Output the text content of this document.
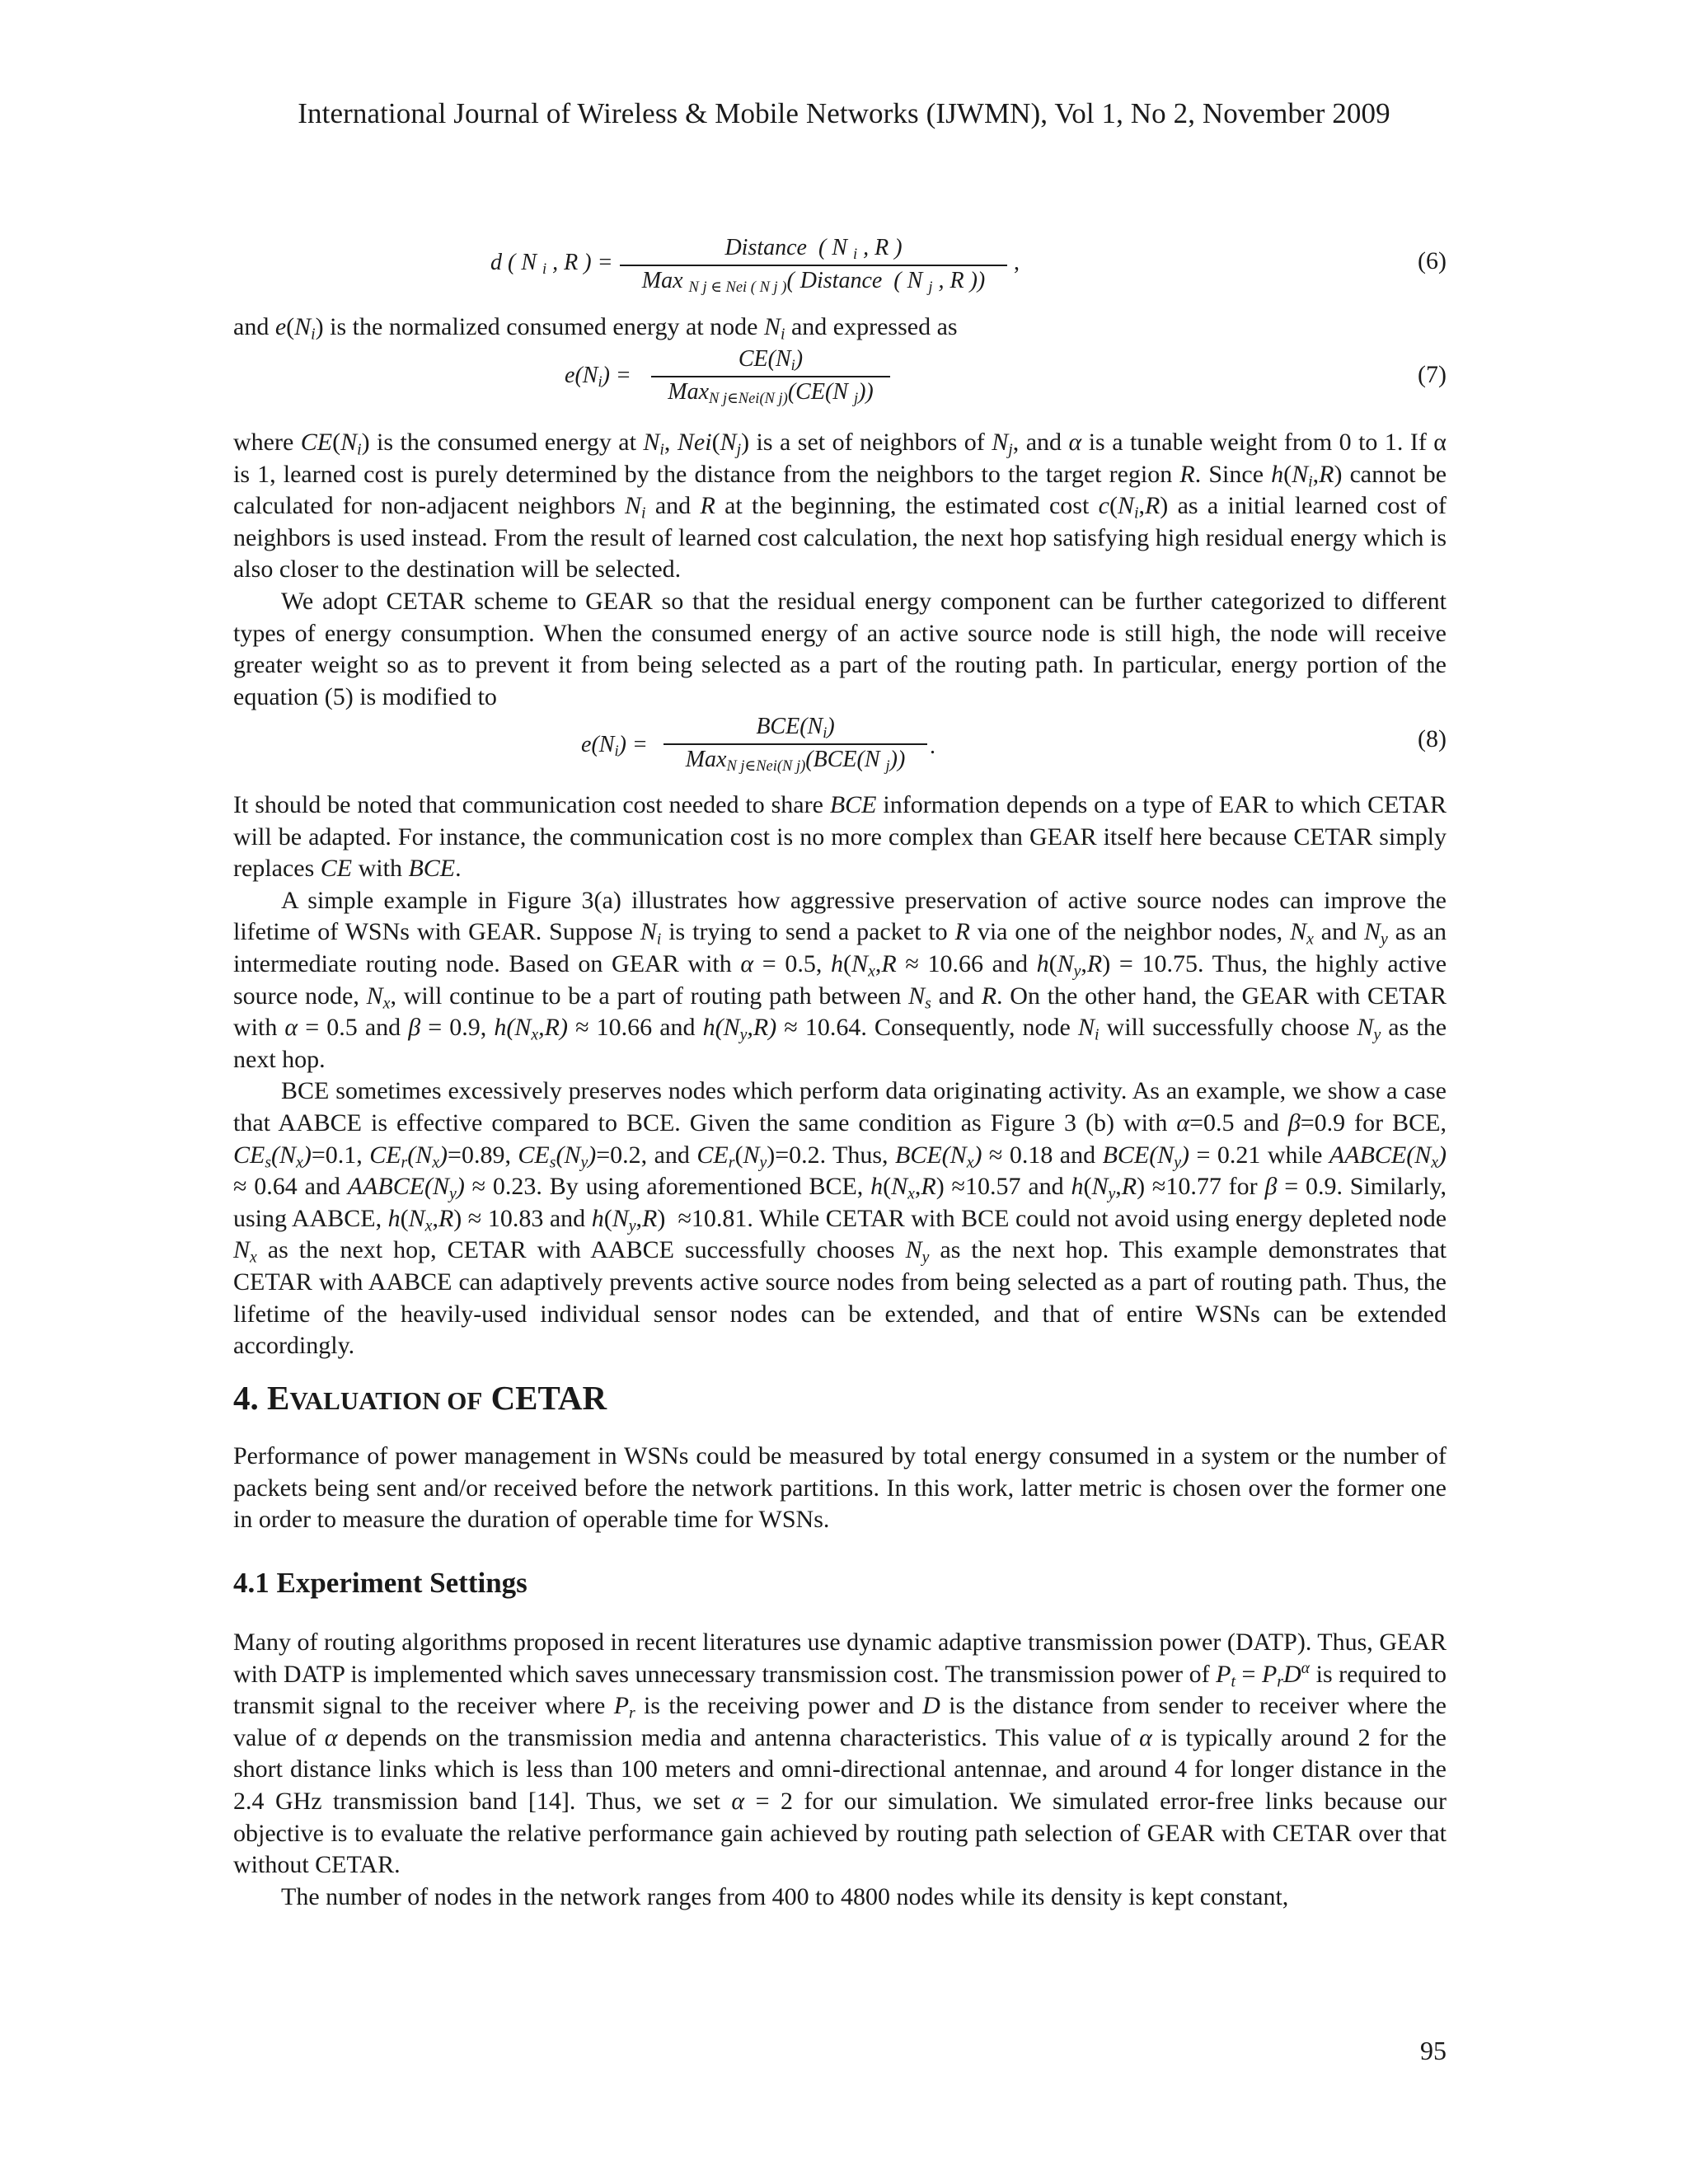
International Journal of Wireless & Mobile Networks (IJWMN), Vol 1, No 2, November 2009
d ( N $_i$ , R ) =
Distance  ( N $_i$ , R )
Max $_{N j \in Nei ( N j )}$( Distance  ( N $_j$ , R ))
,	(6)

and $e(N_i)$ is the normalized consumed energy at node $N_i$ and expressed as

$e(N_i)$ =
$CE(N_i)$
Max$_{N j\in Nei(N j)}$(CE(N $_j$))
(7)

where $CE(N_i)$ is the consumed energy at $N_i$, $Nei(N_j)$ is a set of neighbors of $N_j$, and α is a tunable weight from 0 to 1. If α is 1, learned cost is purely determined by the distance from the neighbors to the target region R. Since $h(N_i,R)$ cannot be calculated for non-adjacent neighbors $N_i$ and R at the beginning, the estimated cost $c(N_i,R)$ as a initial learned cost of neighbors is used instead. From the result of learned cost calculation, the next hop satisfying high residual energy which is also closer to the destination will be selected.

We adopt CETAR scheme to GEAR so that the residual energy component can be further categorized to different types of energy consumption. When the consumed energy of an active source node is still high, the node will receive greater weight so as to prevent it from being selected as a part of the routing path. In particular, energy portion of the equation (5) is modified to

$e(N_i)$ =
$BCE(N_i)$
Max$_{N j\in Nei(N j)}$(BCE(N $_j$))
.	(8)

It should be noted that communication cost needed to share BCE information depends on a type of EAR to which CETAR will be adapted. For instance, the communication cost is no more complex than GEAR itself here because CETAR simply replaces CE with BCE.

A simple example in Figure 3(a) illustrates how aggressive preservation of active source nodes can improve the lifetime of WSNs with GEAR. Suppose $N_i$ is trying to send a packet to R via one of the neighbor nodes, $N_x$ and $N_y$ as an intermediate routing node. Based on GEAR with α = 0.5, $h(N_x,R \approx 10.66$ and $h(N_y,R) = 10.75$. Thus, the highly active source node, $N_x$, will continue to be a part of routing path between $N_s$ and R. On the other hand, the GEAR with CETAR with α = 0.5 and β = 0.9, $h(N_x,R) \approx 10.66$ and $h(N_y,R) \approx 10.64$. Consequently, node $N_i$ will successfully choose $N_y$ as the next hop.

BCE sometimes excessively preserves nodes which perform data originating activity. As an example, we show a case that AABCE is effective compared to BCE. Given the same condition as Figure 3 (b) with α=0.5 and β=0.9 for BCE, $CE_s(N_x)=0.1$, $CE_r(N_x)=0.89$, $CE_s(N_y)=0.2$, and $CE_r(N_y)=0.2$. Thus, $BCE(N_x) \approx 0.18$ and $BCE(N_y) = 0.21$ while $AABCE(N_x) \approx 0.64$ and $AABCE(N_y) \approx 0.23$. By using aforementioned BCE, $h(N_x,R) \approx 10.57$ and $h(N_y,R) \approx 10.77$ for β = 0.9. Similarly, using AABCE, $h(N_x,R) \approx 10.83$ and $h(N_y,R) \approx 10.81$. While CETAR with BCE could not avoid using energy depleted node $N_x$ as the next hop, CETAR with AABCE successfully chooses $N_y$ as the next hop. This example demonstrates that CETAR with AABCE can adaptively prevents active source nodes from being selected as a part of routing path. Thus, the lifetime of the heavily-used individual sensor nodes can be extended, and that of entire WSNs can be extended accordingly.

4. EVALUATION OF CETAR

Performance of power management in WSNs could be measured by total energy consumed in a system or the number of packets being sent and/or received before the network partitions. In this work, latter metric is chosen over the former one in order to measure the duration of operable time for WSNs.

4.1 Experiment Settings

Many of routing algorithms proposed in recent literatures use dynamic adaptive transmission power (DATP). Thus, GEAR with DATP is implemented which saves unnecessary transmission cost. The transmission power of $P_t = P_rD^\alpha$ is required to transmit signal to the receiver where $P_r$ is the receiving power and D is the distance from sender to receiver where the value of α depends on the transmission media and antenna characteristics. This value of α is typically around 2 for the short distance links which is less than 100 meters and omni-directional antennae, and around 4 for longer distance in the 2.4 GHz transmission band [14]. Thus, we set α = 2 for our simulation. We simulated error-free links because our objective is to evaluate the relative performance gain achieved by routing path selection of GEAR with CETAR over that without CETAR.

The number of nodes in the network ranges from 400 to 4800 nodes while its density is kept constant,

95
